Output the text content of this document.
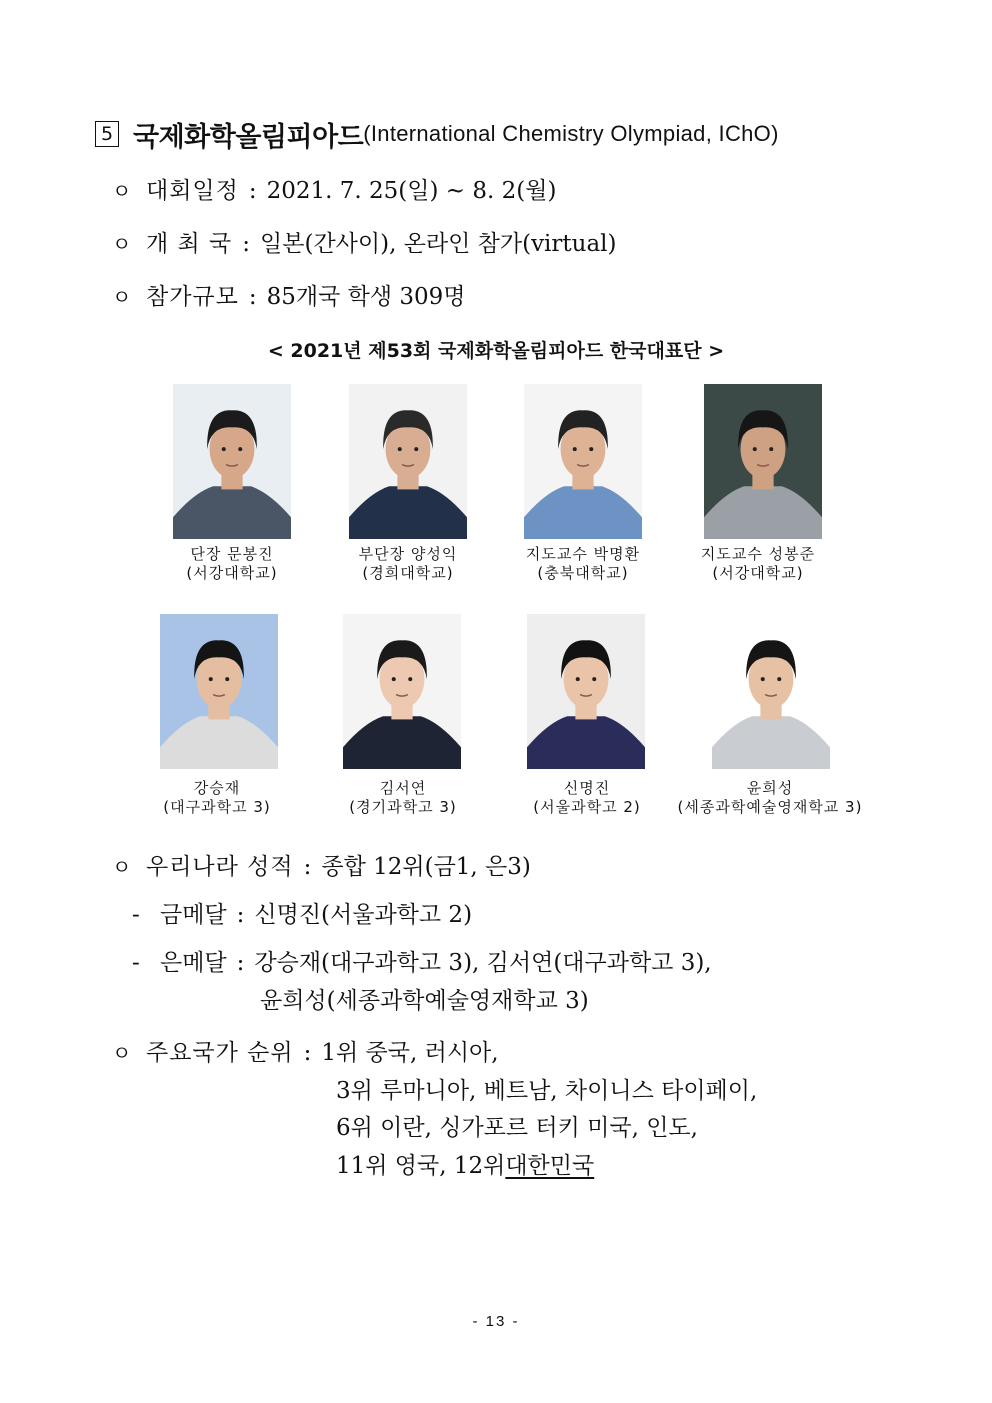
5 국제화학올림피아드 (International Chemistry Olympiad, IChO)
ㅇ 대회일정 : 2021. 7. 25(일) ~ 8. 2(월)
ㅇ 개 최 국 : 일본(간사이), 온라인 참가(virtual)
ㅇ 참가규모 : 85개국 학생 309명
< 2021년 제53회 국제화학올림피아드 한국대표단 >
단장 문봉진
(서강대학교)
부단장 양성익
(경희대학교)
지도교수 박명환
(충북대학교)
지도교수 성봉준
(서강대학교)
강승재
(대구과학고 3)
김서연
(경기과학고 3)
신명진
(서울과학고 2)
윤희성
(세종과학예술영재학교 3)
ㅇ 우리나라 성적 : 종합 12위(금1, 은3)
- 금메달 : 신명진(서울과학고 2)
- 은메달 : 강승재(대구과학고 3), 김서연(대구과학고 3),
윤희성(세종과학예술영재학교 3)
ㅇ 주요국가 순위 : 1위 중국, 러시아,
3위 루마니아, 베트남, 차이니스 타이페이,
6위 이란, 싱가포르 터키 미국, 인도,
11위 영국, 12위 대한민국
- 13 -
